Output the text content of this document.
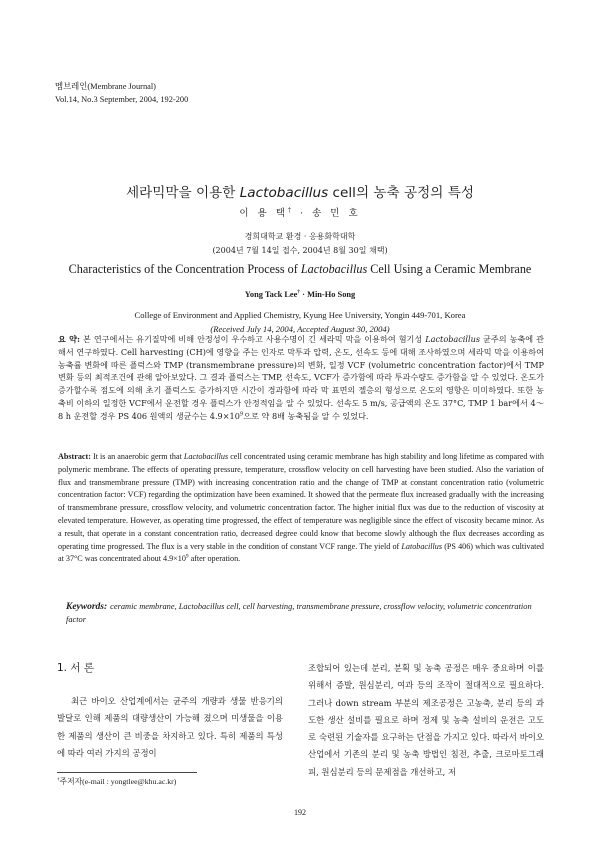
멤브레인(Membrane Journal)
Vol.14, No.3 September, 2004, 192-200
세라믹막을 이용한 Lactobacillus cell의 농축 공정의 특성
이 용 택† · 송 민 호
경희대학교 환경 · 응용화학대학
(2004년 7월 14일 접수, 2004년 8월 30일 채택)
Characteristics of the Concentration Process of Lactobacillus Cell Using a Ceramic Membrane
Yong Tack Lee† · Min-Ho Song
College of Environment and Applied Chemistry, Kyung Hee University, Yongin 449-701, Korea
(Received July 14, 2004, Accepted August 30, 2004)
요 약: 본 연구에서는 유기질막에 비해 안정성이 우수하고 사용수명이 긴 세라믹 막을 이용하여 혐기성 Lactobacillus 균주의 농축에 관해서 연구하였다. Cell harvesting (CH)에 영향을 주는 인자로 막투과 압력, 온도, 선속도 등에 대해 조사하였으며 세라믹 막을 이용하여 농축률 변화에 따른 플럭스와 TMP (transmembrane pressure)의 변화, 일정 VCF (volumetric concentration factor)에서 TMP변화 등의 최적조건에 관해 알아보았다. 그 결과 플럭스는 TMP, 선속도, VCF가 증가함에 따라 투과수량도 증가함을 알 수 있었다. 온도가 증가할수록 점도에 의해 초기 플럭스도 증가하지만 시간이 경과함에 따라 막 표면의 젤층의 형성으로 온도의 영향은 미미하였다. 또한 농축비 이하의 일정한 VCF에서 운전할 경우 플럭스가 안정적임을 알 수 있었다. 선속도 5 m/s, 공급액의 온도 37°C, TMP 1 bar에서 4～8 h 운전할 경우 PS 406 원액의 생균수는 $4.9\times 10^9$으로 약 8배 농축됨을 알 수 있었다.
Abstract: It is an anaerobic germ that Lactobacillus cell concentrated using ceramic membrane has high stability and long lifetime as compared with polymeric membrane. The effects of operating pressure, temperature, crossflow velocity on cell harvesting have been studied. Also the variation of flux and transmembrane pressure (TMP) with increasing concentration ratio and the change of TMP at constant concentration ratio (volumetric concentration factor: VCF) regarding the optimization have been examined. It showed that the permeate flux increased gradually with the increasing of transmembrane pressure, crossflow velocity, and volumetric concentration factor. The higher initial flux was due to the reduction of viscosity at elevated temperature. However, as operating time progressed, the effect of temperature was negligible since the effect of viscosity became minor. As a result, that operate in a constant concentration ratio, decreased degree could know that become slowly although the flux decreases according as operating time progressed. The flux is a very stable in the condition of constant VCF range. The yield of Latobacillus (PS 406) which was cultivated at 37°C was concentrated about $4.9\times 10^9$ after operation.
Keywords: ceramic membrane, Lactobacillus cell, cell harvesting, transmembrane pressure, crossflow velocity, volumetric concentration factor
1. 서 론

최근 바이오 산업계에서는 균주의 개량과 생물 반응기의 발달로 인해 제품의 대량생산이 가능해 졌으며 미생물을 이용한 제품의 생산이 큰 비중을 차지하고 있다. 특히 제품의 특성에 따라 여러 가지의 공정이

조합되어 있는데 분리, 분획 및 농축 공정은 매우 중요하며 이를 위해서 증발, 원심분리, 여과 등의 조작이 절대적으로 필요하다. 그러나 down stream 부분의 제조공정은 고농축, 분리 등의 과도한 생산 설비를 필요로 하며 정제 및 농축 설비의 운전은 고도로 숙련된 기술자를 요구하는 단점을 가지고 있다. 따라서 바이오 산업에서 기존의 분리 및 농축 방법인 침전, 추출, 크로마토그래피, 원심분리 등의 문제점을 개선하고, 저

†주저자(e-mail : yongtlee@khu.ac.kr)
192
